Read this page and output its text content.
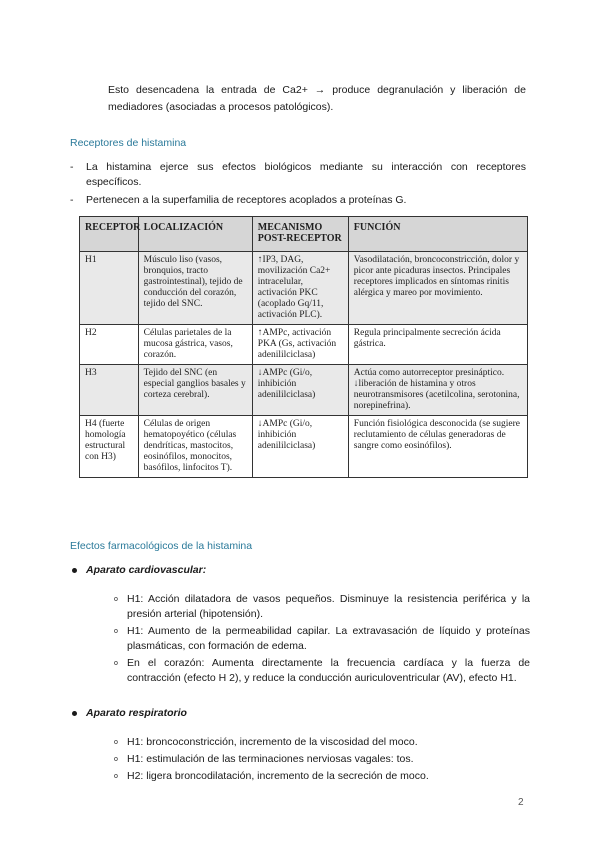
Esto desencadena la entrada de Ca2+ → produce degranulación y liberación de mediadores (asociadas a procesos patológicos).

Receptores de histamina
- La histamina ejerce sus efectos biológicos mediante su interacción con receptores específicos.
- Pertenecen a la superfamilia de receptores acoplados a proteínas G.
RECEPTOR	LOCALIZACIÓN	MECANISMO POST-RECEPTOR	FUNCIÓN
H1	Músculo liso (vasos, bronquios, tracto gastrointestinal), tejido de conducción del corazón, tejido del SNC.	↑IP3, DAG, movilización Ca2+ intracelular, activación PKC (acoplado Gq/11, activación PLC).	Vasodilatación, broncoconstricción, dolor y picor ante picaduras insectos. Principales receptores implicados en síntomas rinitis alérgica y mareo por movimiento.
H2	Células parietales de la mucosa gástrica, vasos, corazón.	↑AMPc, activación PKA (Gs, activación adenililciclasa)	Regula principalmente secreción ácida gástrica.
H3	Tejido del SNC (en especial ganglios basales y corteza cerebral).	↓AMPc (Gi/o, inhibición adenililciclasa)	Actúa como autorreceptor presináptico. ↓liberación de histamina y otros neurotransmisores (acetilcolina, serotonina, norepinefrina).
H4 (fuerte homología estructural con H3)	Células de origen hematopoyético (células dendríticas, mastocitos, eosinófilos, monocitos, basófilos, linfocitos T).	↓AMPc (Gi/o, inhibición adenililciclasa)	Función fisiológica desconocida (se sugiere reclutamiento de células generadoras de sangre como eosinófilos).
Efectos farmacológicos de la histamina
Aparato cardiovascular:
o H1: Acción dilatadora de vasos pequeños. Disminuye la resistencia periférica y la presión arterial (hipotensión).
o H1: Aumento de la permeabilidad capilar. La extravasación de líquido y proteínas plasmáticas, con formación de edema.
o En el corazón: Aumenta directamente la frecuencia cardíaca y la fuerza de contracción (efecto H 2), y reduce la conducción auriculoventricular (AV), efecto H1.
Aparato respiratorio
o H1: broncoconstricción, incremento de la viscosidad del moco.
o H1: estimulación de las terminaciones nerviosas vagales: tos.
o H2: ligera broncodilatación, incremento de la secreción de moco.
2
